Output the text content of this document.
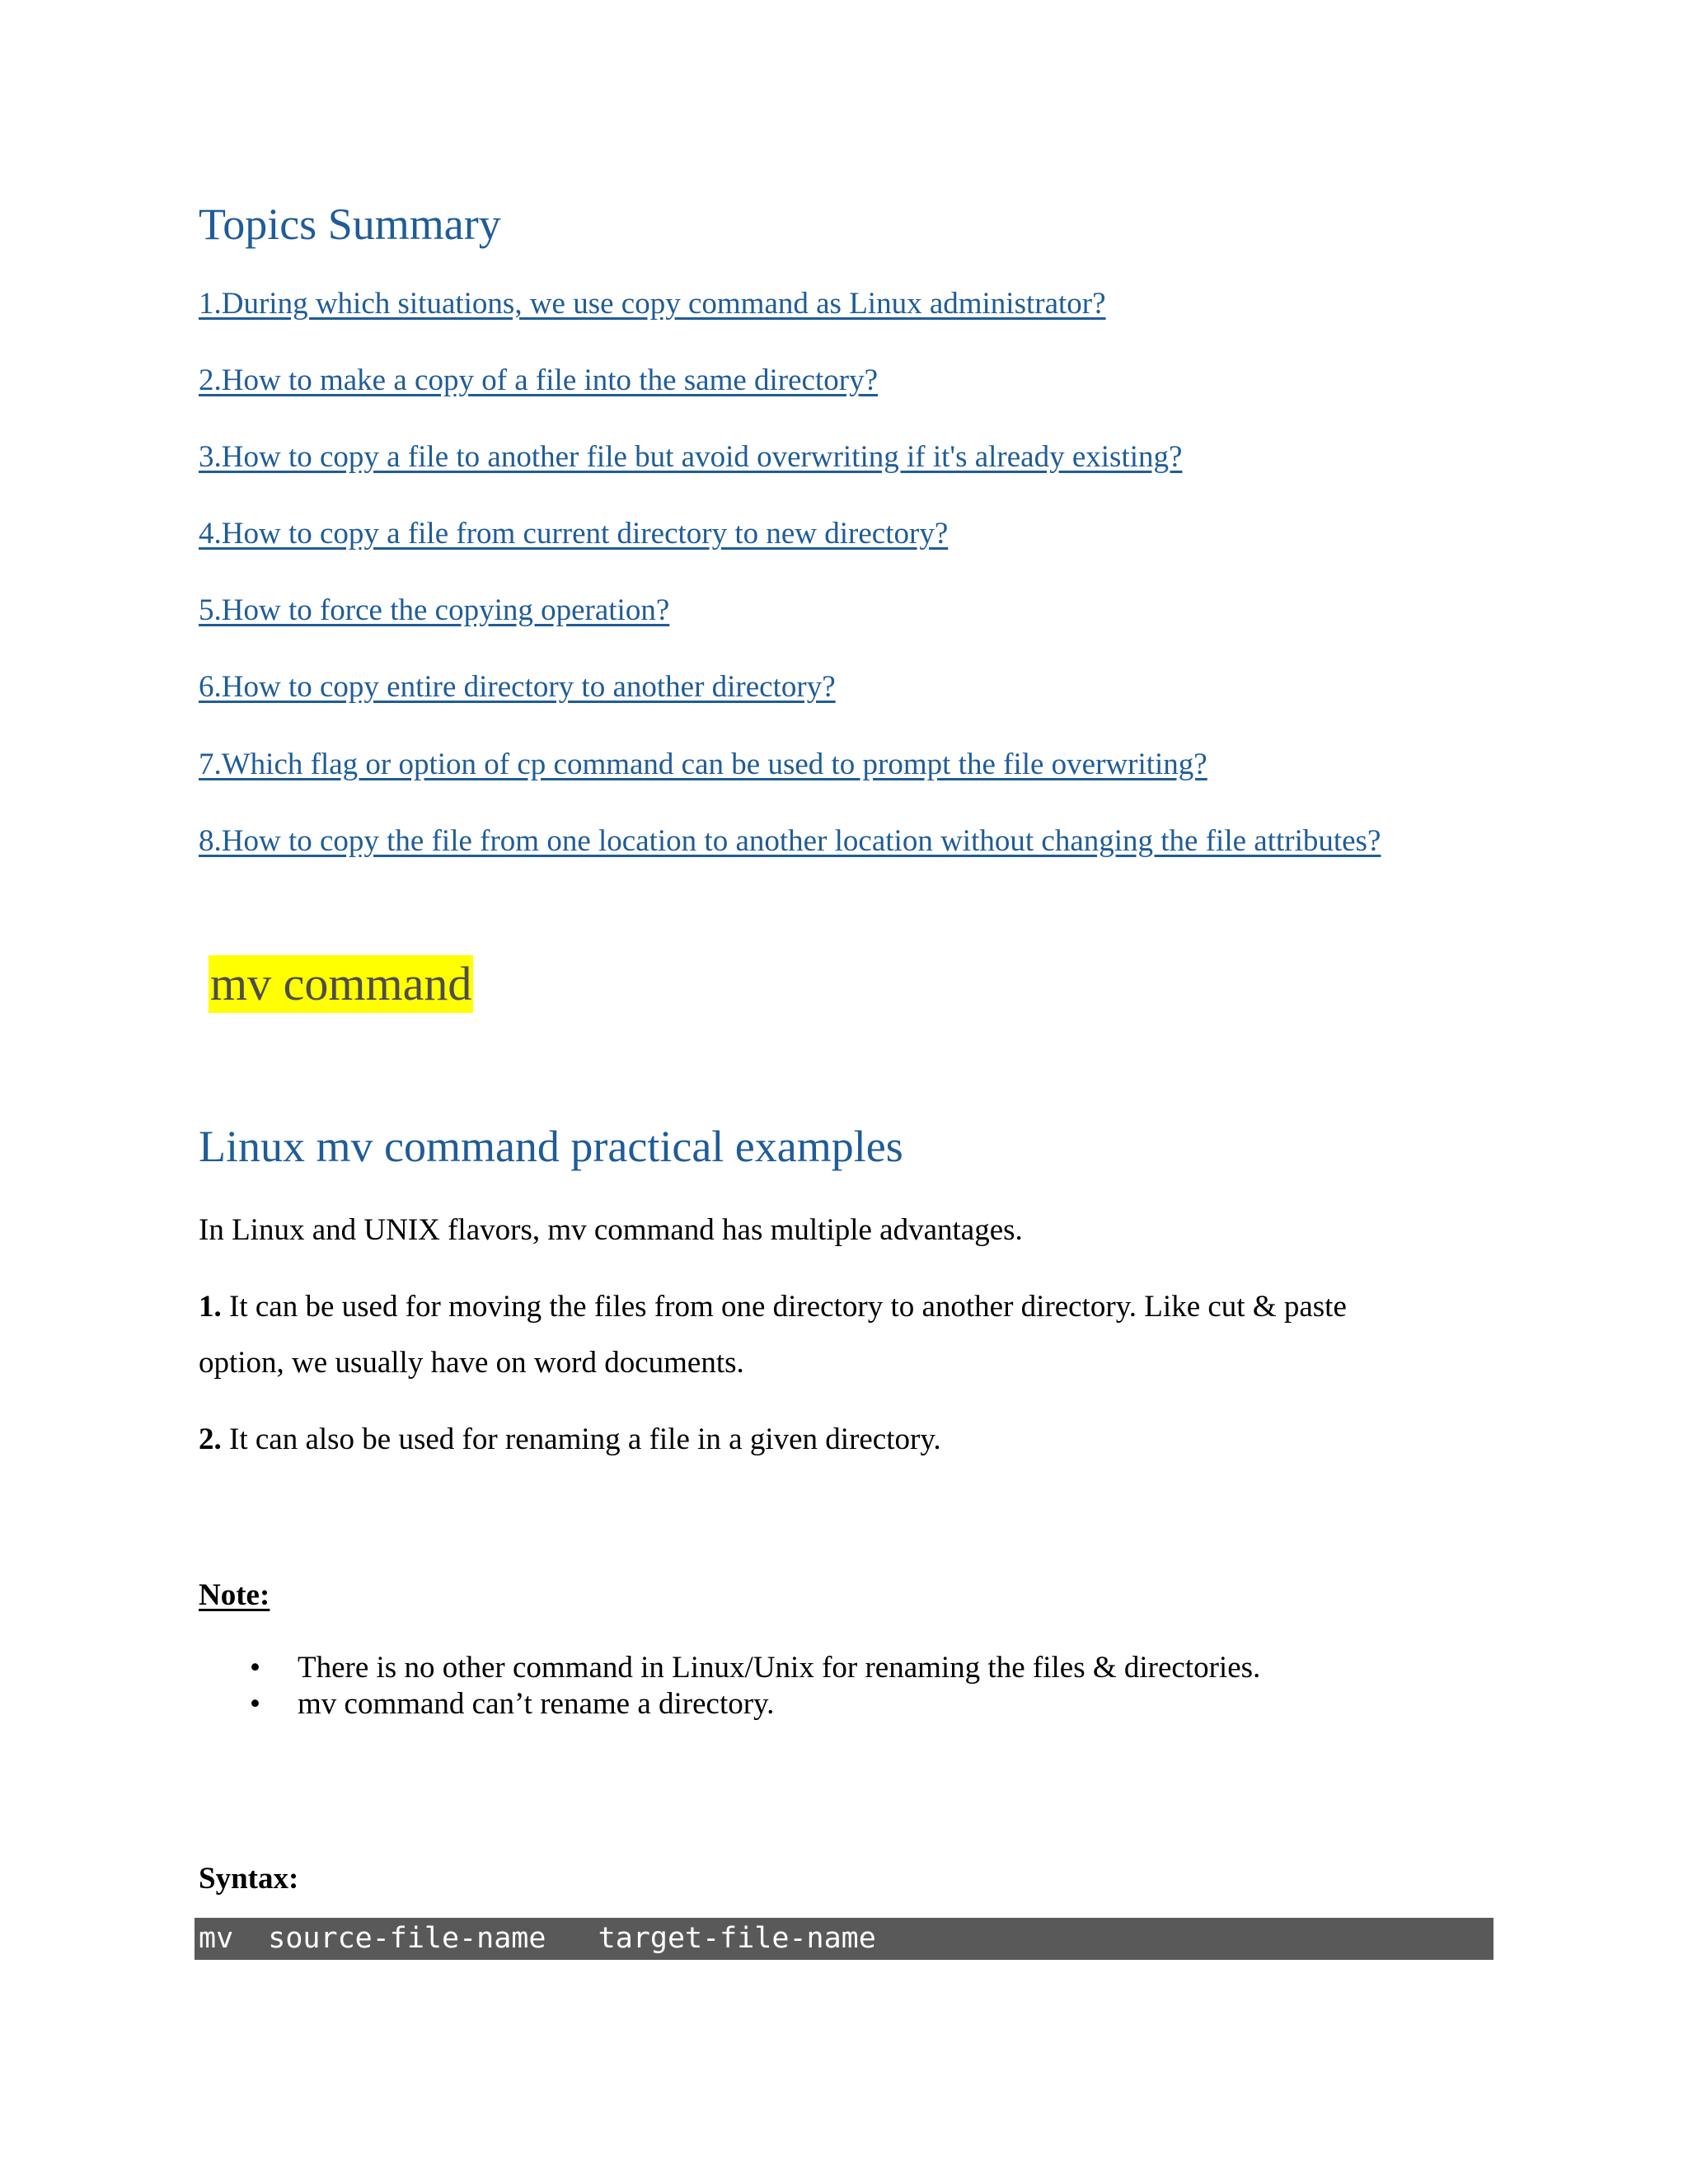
Topics Summary
1.During which situations, we use copy command as Linux administrator?
2.How to make a copy of a file into the same directory?
3.How to copy a file to another file but avoid overwriting if it's already existing?
4.How to copy a file from current directory to new directory?
5.How to force the copying operation?
6.How to copy entire directory to another directory?
7.Which flag or option of cp command can be used to prompt the file overwriting?
8.How to copy the file from one location to another location without changing the file attributes?
mv command
Linux mv command practical examples
In Linux and UNIX flavors, mv command has multiple advantages.
1. It can be used for moving the files from one directory to another directory. Like cut & paste
option, we usually have on word documents.
2. It can also be used for renaming a file in a given directory.
Note:
• There is no other command in Linux/Unix for renaming the files & directories.
• mv command can’t rename a directory.
Syntax:
mv  source-file-name   target-file-name
